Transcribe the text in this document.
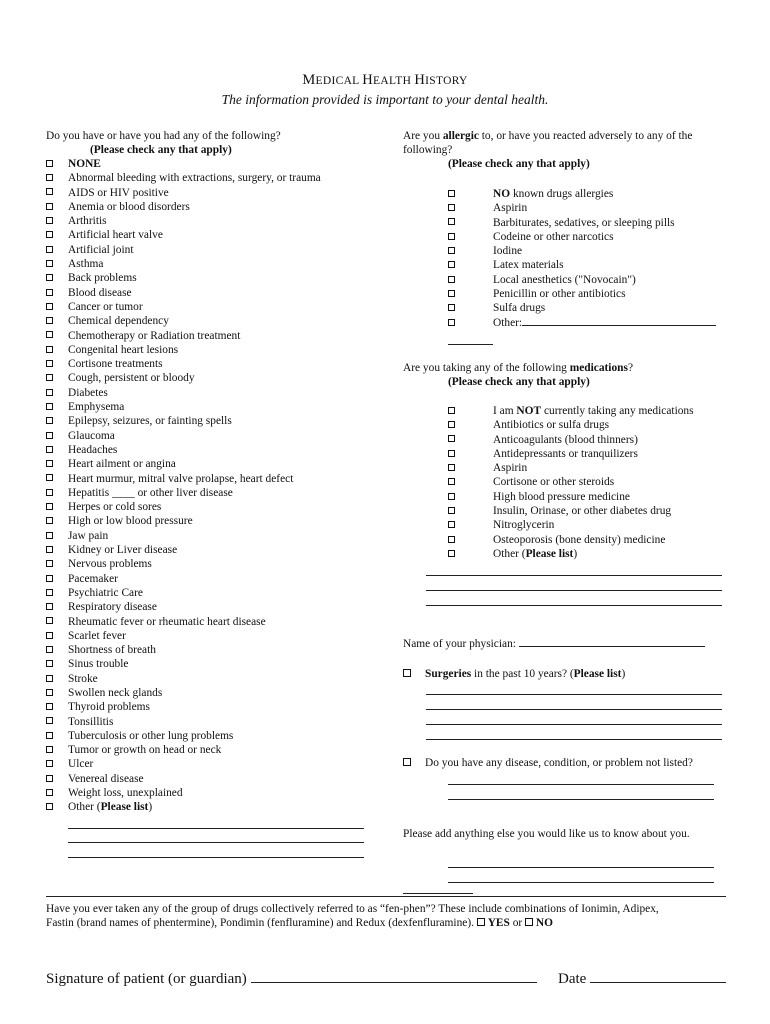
MEDICAL HEALTH HISTORY
The information provided is important to your dental health.
Do you have or have you had any of the following?
(Please check any that apply)
NONE
Abnormal bleeding with extractions, surgery, or trauma
AIDS or HIV positive
Anemia or blood disorders
Arthritis
Artificial heart valve
Artificial joint
Asthma
Back problems
Blood disease
Cancer or tumor
Chemical dependency
Chemotherapy or Radiation treatment
Congenital heart lesions
Cortisone treatments
Cough, persistent or bloody
Diabetes
Emphysema
Epilepsy, seizures, or fainting spells
Glaucoma
Headaches
Heart ailment or angina
Heart murmur, mitral valve prolapse, heart defect
Hepatitis ____ or other liver disease
Herpes or cold sores
High or low blood pressure
Jaw pain
Kidney or Liver disease
Nervous problems
Pacemaker
Psychiatric Care
Respiratory disease
Rheumatic fever or rheumatic heart disease
Scarlet fever
Shortness of breath
Sinus trouble
Stroke
Swollen neck glands
Thyroid problems
Tonsillitis
Tuberculosis or other lung problems
Tumor or growth on head or neck
Ulcer
Venereal disease
Weight loss, unexplained
Other (Please list)
Are you allergic to, or have you reacted adversely to any of the
following?
(Please check any that apply)
NO known drugs allergies
Aspirin
Barbiturates, sedatives, or sleeping pills
Codeine or other narcotics
Iodine
Latex materials
Local anesthetics ("Novocain")
Penicillin or other antibiotics
Sulfa drugs
Other:
Are you taking any of the following medications?
(Please check any that apply)
I am NOT currently taking any medications
Antibiotics or sulfa drugs
Anticoagulants (blood thinners)
Antidepressants or tranquilizers
Aspirin
Cortisone or other steroids
High blood pressure medicine
Insulin, Orinase, or other diabetes drug
Nitroglycerin
Osteoporosis (bone density) medicine
Other (Please list)
Name of your physician:
Surgeries in the past 10 years? (Please list)
Do you have any disease, condition, or problem not listed?
Please add anything else you would like us to know about you.
Have you ever taken any of the group of drugs collectively referred to as “fen-phen”? These include combinations of Ionimin, Adipex,
Fastin (brand names of phentermine), Pondimin (fenfluramine) and Redux (dexfenfluramine). YES or  NO
Signature of patient (or guardian)	Date
